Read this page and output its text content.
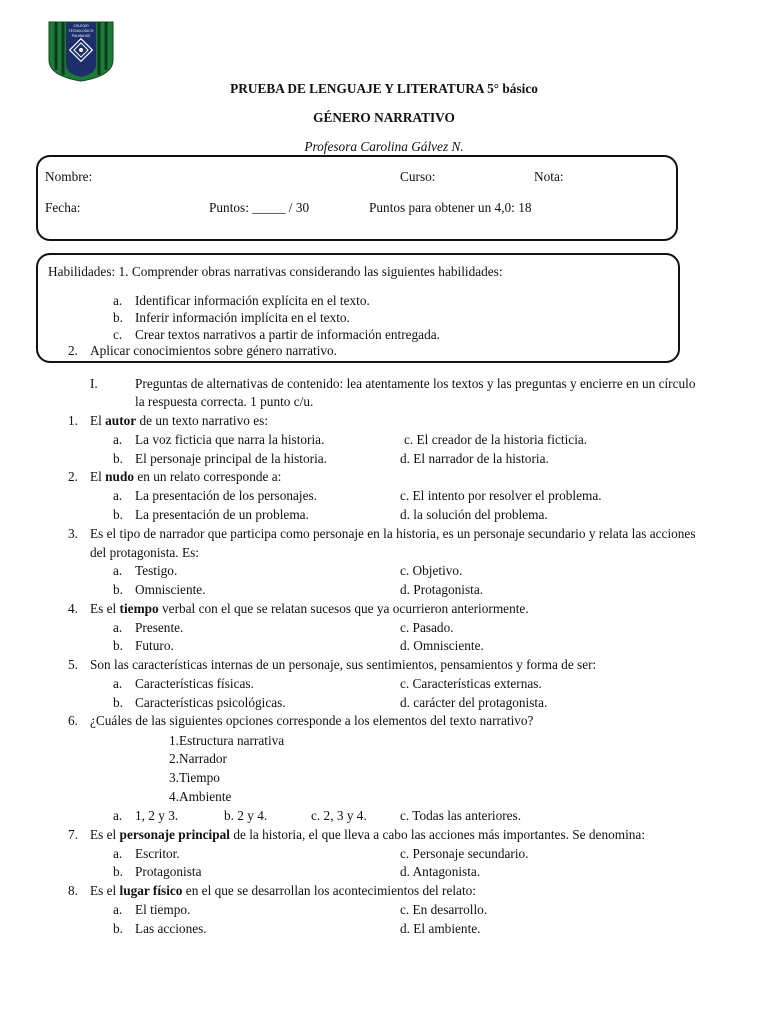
COLEGIO
TECNOLÓGICO
PULMAHUE
PRUEBA DE LENGUAJE Y LITERATURA 5° básico
GÉNERO NARRATIVO
Profesora Carolina Gálvez N.
Nombre:	Curso:	Nota:
Fecha:	Puntos: _____ / 30	Puntos para obtener un 4,0: 18
Habilidades: 1. Comprender obras narrativas considerando las siguientes habilidades:
a. Identificar información explícita en el texto.
b. Inferir información implícita en el texto.
c. Crear textos narrativos a partir de información entregada.
2. Aplicar conocimientos sobre género narrativo.
I.	Preguntas de alternativas de contenido: lea atentamente los textos y las preguntas y encierre en un círculo
la respuesta correcta. 1 punto c/u.
1. El autor de un texto narrativo es:
a. La voz ficticia que narra la historia.	c. El creador de la historia ficticia.
b. El personaje principal de la historia.	d. El narrador de la historia.
2. El nudo en un relato corresponde a:
a. La presentación de los personajes.	c. El intento por resolver el problema.
b. La presentación de un problema.	d. la solución del problema.
3. Es el tipo de narrador que participa como personaje en la historia, es un personaje secundario y relata las acciones
del protagonista. Es:
a. Testigo.	c. Objetivo.
b. Omnisciente.	d. Protagonista.
4. Es el tiempo verbal con el que se relatan sucesos que ya ocurrieron anteriormente.
a. Presente.	c. Pasado.
b. Futuro.	d. Omnisciente.
5. Son las características internas de un personaje, sus sentimientos, pensamientos y forma de ser:
a. Características físicas.	c. Características externas.
b. Características psicológicas.	d. carácter del protagonista.
6. ¿Cuáles de las siguientes opciones corresponde a los elementos del texto narrativo?
1.Estructura narrativa
2.Narrador
3.Tiempo
4.Ambiente
a. 1, 2 y 3.	b. 2 y 4.	c. 2, 3 y 4. c. Todas las anteriores.
7. Es el personaje principal de la historia, el que lleva a cabo las acciones más importantes. Se denomina:
a. Escritor.	c. Personaje secundario.
b. Protagonista	d. Antagonista.
8. Es el lugar físico en el que se desarrollan los acontecimientos del relato:
a. El tiempo.	c. En desarrollo.
b. Las acciones.	d. El ambiente.
